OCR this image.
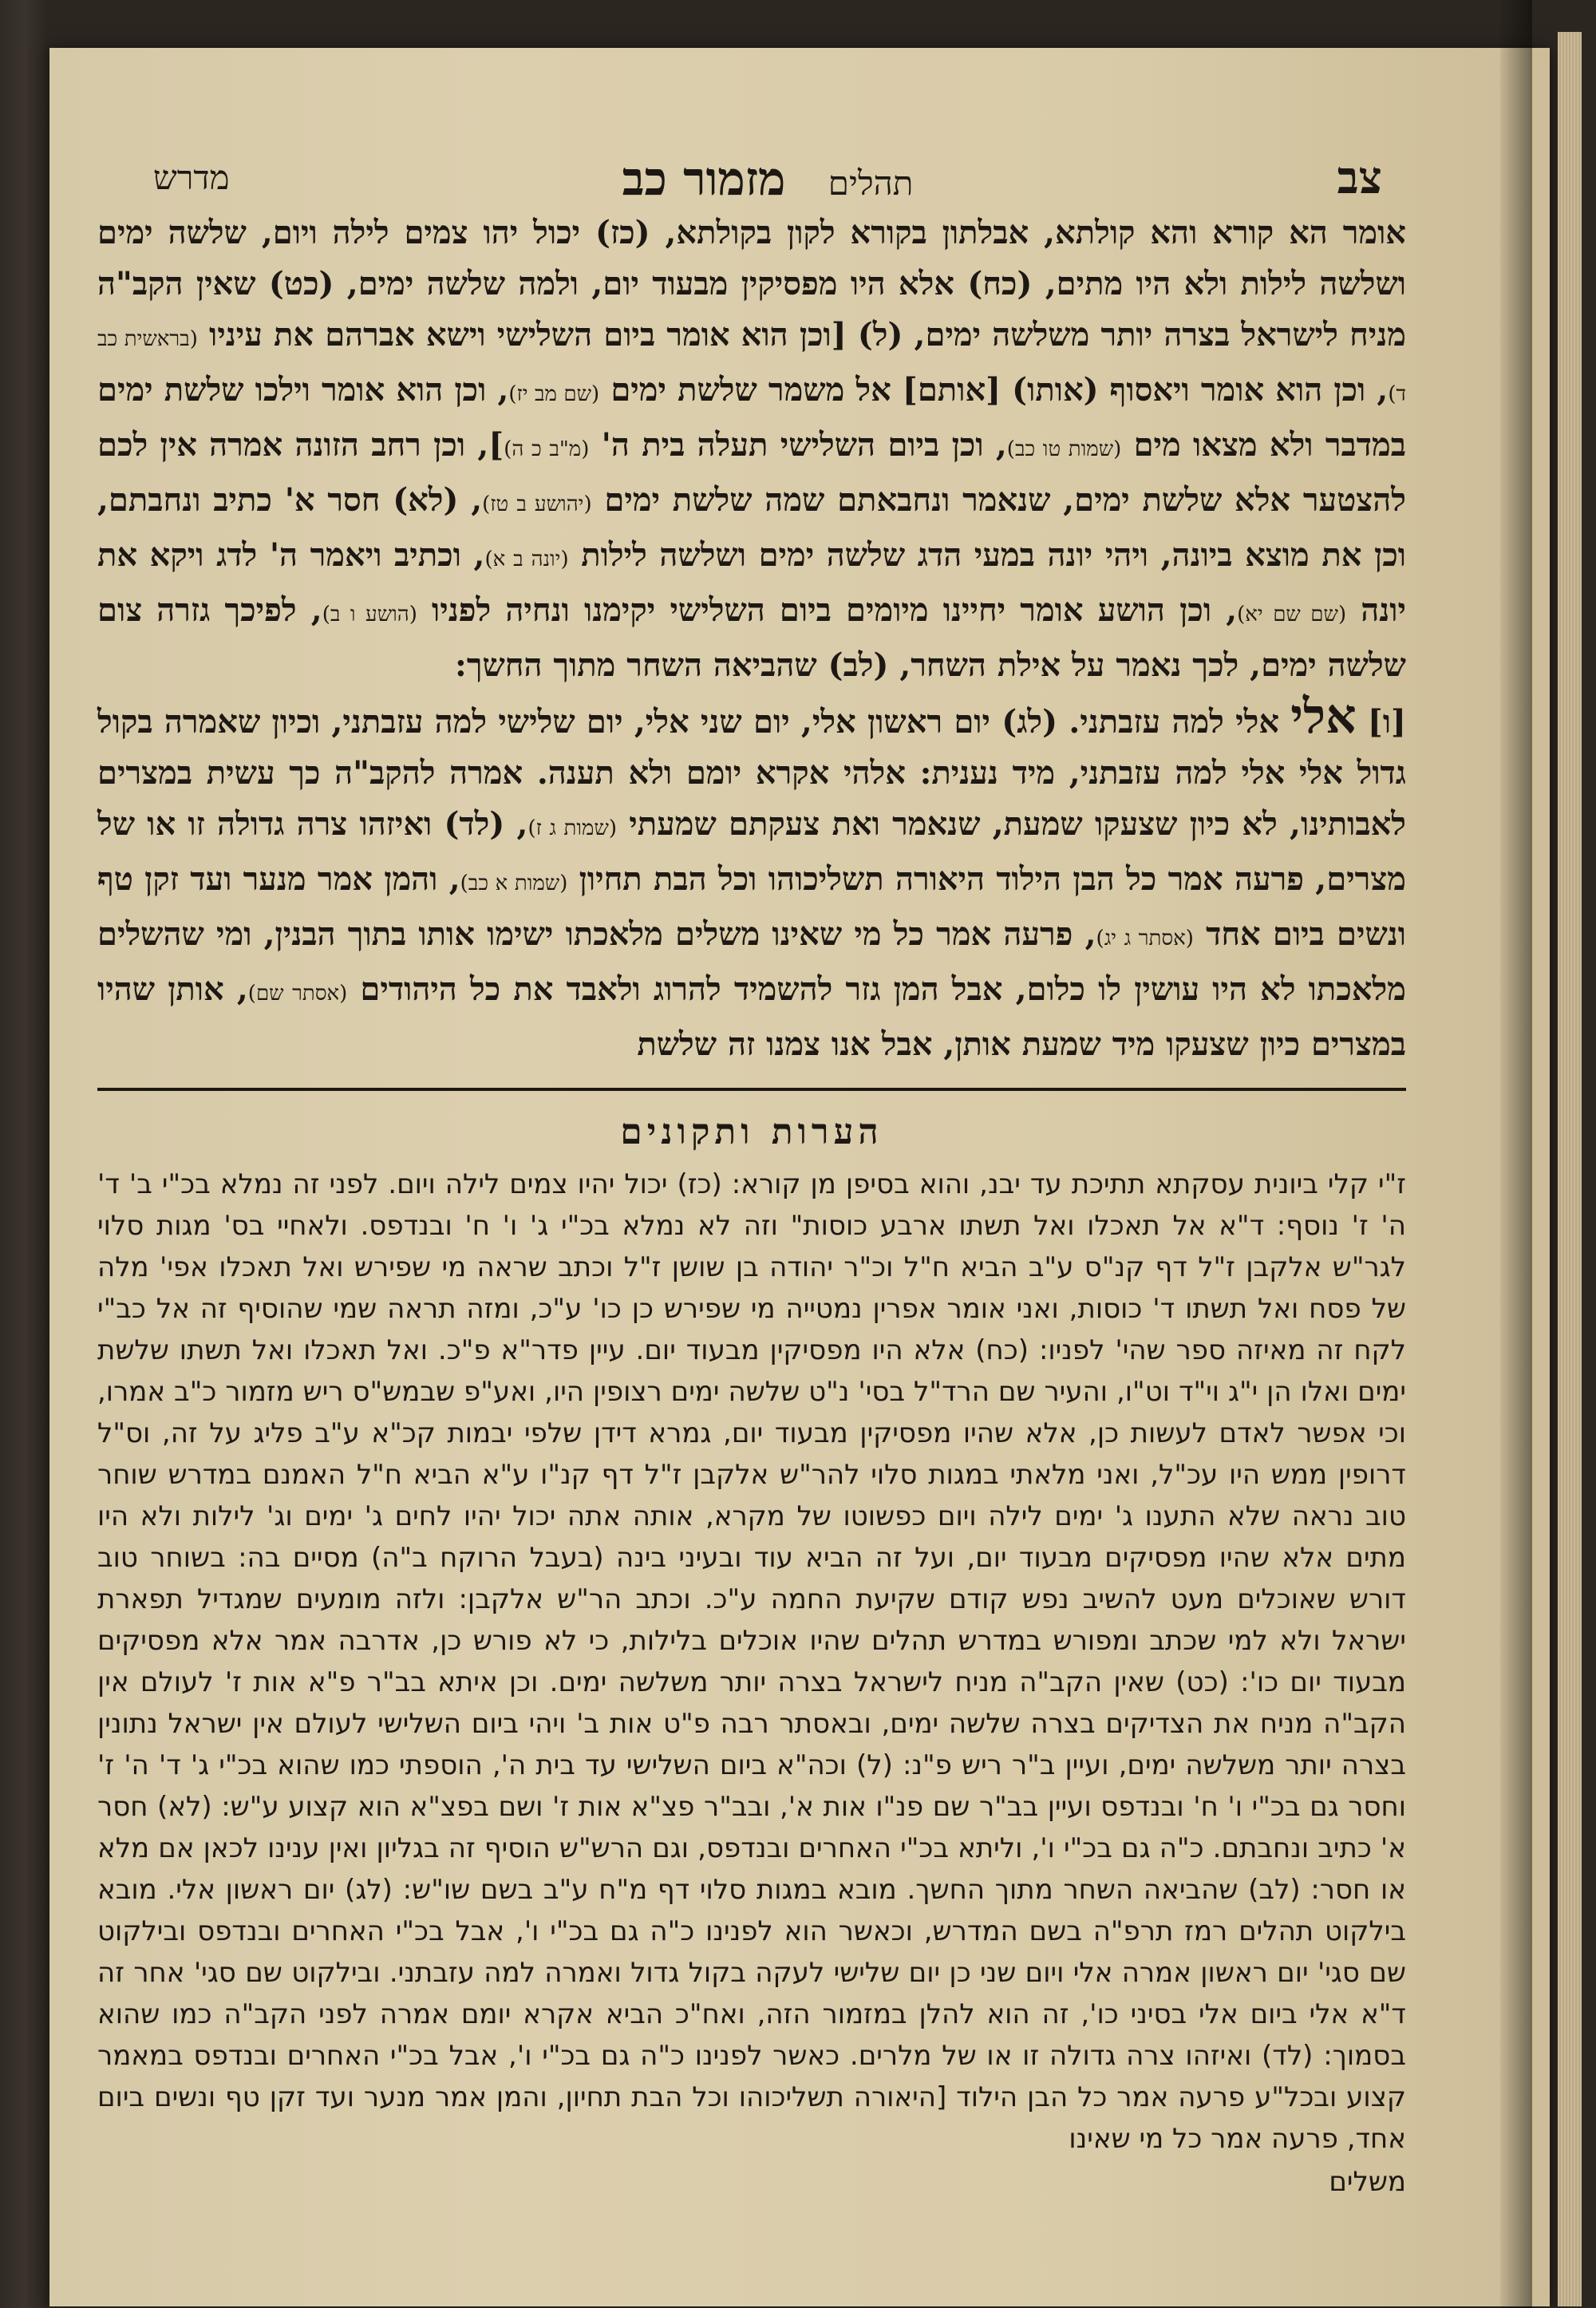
צב
תהלים מזמור כב
מדרש

אומר הא קורא והא קולתא, אבלתון בקורא לקון בקולתא, (כז) יכול יהו צמים לילה ויום, שלשה ימים ושלשה לילות ולא היו מתים, (כח) אלא היו מפסיקין מבעוד יום, ולמה שלשה ימים, (כט) שאין הקב"ה מניח לישראל בצרה יותר משלשה ימים, (ל) [וכן הוא אומר ביום השלישי וישא אברהם את עיניו (בראשית כב ד), וכן הוא אומר ויאסוף (אותו) [אותם] אל משמר שלשת ימים (שם מב יז), וכן הוא אומר וילכו שלשת ימים במדבר ולא מצאו מים (שמות טו כב), וכן ביום השלישי תעלה בית ה' (מ"ב כ ה)], וכן רחב הזונה אמרה אין לכם להצטער אלא שלשת ימים, שנאמר ונחבאתם שמה שלשת ימים (יהושע ב טז), (לא) חסר א' כתיב ונחבתם, וכן את מוצא ביונה, ויהי יונה במעי הדג שלשה ימים ושלשה לילות (יונה ב א), וכתיב ויאמר ה' לדג ויקא את יונה (שם שם יא), וכן הושע אומר יחיינו מיומים ביום השלישי יקימנו ונחיה לפניו (הושע ו ב), לפיכך גזרה צום שלשה ימים, לכך נאמר על אילת השחר, (לב) שהביאה השחר מתוך החשך:

[ו] אלי אלי למה עזבתני. (לג) יום ראשון אלי, יום שני אלי, יום שלישי למה עזבתני, וכיון שאמרה בקול גדול אלי אלי למה עזבתני, מיד נענית: אלהי אקרא יומם ולא תענה. אמרה להקב"ה כך עשית במצרים לאבותינו, לא כיון שצעקו שמעת, שנאמר ואת צעקתם שמעתי (שמות ג ז), (לד) ואיזהו צרה גדולה זו או של מצרים, פרעה אמר כל הבן הילוד היאורה תשליכוהו וכל הבת תחיון (שמות א כב), והמן אמר מנער ועד זקן טף ונשים ביום אחד (אסתר ג יג), פרעה אמר כל מי שאינו משלים מלאכתו ישימו אותו בתוך הבנין, ומי שהשלים מלאכתו לא היו עושין לו כלום, אבל המן גזר להשמיד להרוג ולאבד את כל היהודים (אסתר שם), אותן שהיו במצרים כיון שצעקו מיד שמעת אותן, אבל אנו צמנו זה שלשת

הערות ותקונים

ז"י קלי ביונית עסקתא תתיכת עד יבנ, והוא בסיפן מן קורא: (כז) יכול יהיו צמים לילה ויום. לפני זה נמלא בכ"י ב' ד' ה' ז' נוסף: ד"א אל תאכלו ואל תשתו ארבע כוסות" וזה לא נמלא בכ"י ג' ו' ח' ובנדפס. ולאחיי בס' מגות סלוי לגר"ש אלקבן ז"ל דף קנ"ס ע"ב הביא ח"ל וכ"ר יהודה בן שושן ז"ל וכתב שראה מי שפירש ואל תאכלו אפי' מלה של פסח ואל תשתו ד' כוסות, ואני אומר אפרין נמטייה מי שפירש כן כו' ע"כ, ומזה תראה שמי שהוסיף זה אל כב"י לקח זה מאיזה ספר שהי' לפניו: (כח) אלא היו מפסיקין מבעוד יום. עיין פדר"א פ"כ. ואל תאכלו ואל תשתו שלשת ימים ואלו הן י"ג וי"ד וט"ו, והעיר שם הרד"ל בסי' נ"ט שלשה ימים רצופין היו, ואע"פ שבמש"ס ריש מזמור כ"ב אמרו, וכי אפשר לאדם לעשות כן, אלא שהיו מפסיקין מבעוד יום, גמרא דידן שלפי יבמות קכ"א ע"ב פליג על זה, וס"ל דרופין ממש היו עכ"ל, ואני מלאתי במגות סלוי להר"ש אלקבן ז"ל דף קנ"ו ע"א הביא ח"ל האמנם במדרש שוחר טוב נראה שלא התענו ג' ימים לילה ויום כפשוטו של מקרא, אותה אתה יכול יהיו לחים ג' ימים וג' לילות ולא היו מתים אלא שהיו מפסיקים מבעוד יום, ועל זה הביא עוד ובעיני בינה (בעבל הרוקח ב"ה) מסיים בה: בשוחר טוב דורש שאוכלים מעט להשיב נפש קודם שקיעת החמה ע"כ. וכתב הר"ש אלקבן: ולזה מומעים שמגדיל תפארת ישראל ולא למי שכתב ומפורש במדרש תהלים שהיו אוכלים בלילות, כי לא פורש כן, אדרבה אמר אלא מפסיקים מבעוד יום כו': (כט) שאין הקב"ה מניח לישראל בצרה יותר משלשה ימים. וכן איתא בב"ר פ"א אות ז' לעולם אין הקב"ה מניח את הצדיקים בצרה שלשה ימים, ובאסתר רבה פ"ט אות ב' ויהי ביום השלישי לעולם אין ישראל נתונין בצרה יותר משלשה ימים, ועיין ב"ר ריש פ"נ: (ל) וכה"א ביום השלישי עד בית ה', הוספתי כמו שהוא בכ"י ג' ד' ה' ז' וחסר גם בכ"י ו' ח' ובנדפס ועיין בב"ר שם פנ"ו אות א', ובב"ר פצ"א אות ז' ושם בפצ"א הוא קצוע ע"ש: (לא) חסר א' כתיב ונחבתם. כ"ה גם בכ"י ו', וליתא בכ"י האחרים ובנדפס, וגם הרש"ש הוסיף זה בגליון ואין ענינו לכאן אם מלא או חסר: (לב) שהביאה השחר מתוך החשך. מובא במגות סלוי דף מ"ח ע"ב בשם שו"ש: (לג) יום ראשון אלי. מובא בילקוט תהלים רמז תרפ"ה בשם המדרש, וכאשר הוא לפנינו כ"ה גם בכ"י ו', אבל בכ"י האחרים ובנדפס ובילקוט שם סגי' יום ראשון אמרה אלי ויום שני כן יום שלישי לעקה בקול גדול ואמרה למה עזבתני. ובילקוט שם סגי' אחר זה ד"א אלי ביום אלי בסיני כו', זה הוא להלן במזמור הזה, ואח"כ הביא אקרא יומם אמרה לפני הקב"ה כמו שהוא בסמוך: (לד) ואיזהו צרה גדולה זו או של מלרים. כאשר לפנינו כ"ה גם בכ"י ו', אבל בכ"י האחרים ובנדפס במאמר קצוע ובכל"ע פרעה אמר כל הבן הילוד [היאורה תשליכוהו וכל הבת תחיון, והמן אמר מנער ועד זקן טף ונשים ביום אחד, פרעה אמר כל מי שאינו

משלים
